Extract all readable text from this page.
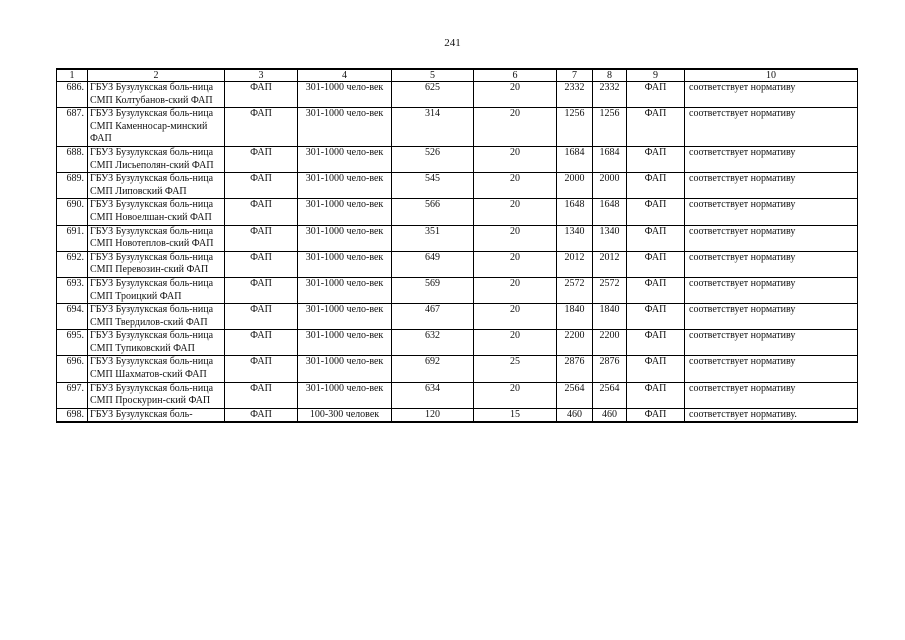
241
1	2	3	4	5	6	7	8	9	10
686.	ГБУЗ Бузулукская боль-ница СМП Колтубанов-ский ФАП	ФАП	301-1000 чело-век	625	20	2332	2332	ФАП	соответствует нормативу
687.	ГБУЗ Бузулукская боль-ница СМП Каменносар-минский ФАП	ФАП	301-1000 чело-век	314	20	1256	1256	ФАП	соответствует нормативу
688.	ГБУЗ Бузулукская боль-ница СМП Лисьеполян-ский ФАП	ФАП	301-1000 чело-век	526	20	1684	1684	ФАП	соответствует нормативу
689.	ГБУЗ Бузулукская боль-ница СМП Липовский ФАП	ФАП	301-1000 чело-век	545	20	2000	2000	ФАП	соответствует нормативу
690.	ГБУЗ Бузулукская боль-ница СМП Новоелшан-ский ФАП	ФАП	301-1000 чело-век	566	20	1648	1648	ФАП	соответствует нормативу
691.	ГБУЗ Бузулукская боль-ница СМП Новотеплов-ский ФАП	ФАП	301-1000 чело-век	351	20	1340	1340	ФАП	соответствует нормативу
692.	ГБУЗ Бузулукская боль-ница СМП Перевозин-ский ФАП	ФАП	301-1000 чело-век	649	20	2012	2012	ФАП	соответствует нормативу
693.	ГБУЗ Бузулукская боль-ница СМП Троицкий ФАП	ФАП	301-1000 чело-век	569	20	2572	2572	ФАП	соответствует нормативу
694.	ГБУЗ Бузулукская боль-ница СМП Твердилов-ский ФАП	ФАП	301-1000 чело-век	467	20	1840	1840	ФАП	соответствует нормативу
695.	ГБУЗ Бузулукская боль-ница СМП Тупиковский ФАП	ФАП	301-1000 чело-век	632	20	2200	2200	ФАП	соответствует нормативу
696.	ГБУЗ Бузулукская боль-ница СМП Шахматов-ский ФАП	ФАП	301-1000 чело-век	692	25	2876	2876	ФАП	соответствует нормативу
697.	ГБУЗ Бузулукская боль-ница СМП Проскурин-ский ФАП	ФАП	301-1000 чело-век	634	20	2564	2564	ФАП	соответствует нормативу
698.	ГБУЗ Бузулукская боль-	ФАП	100-300 человек	120	15	460	460	ФАП	соответствует нормативу.
